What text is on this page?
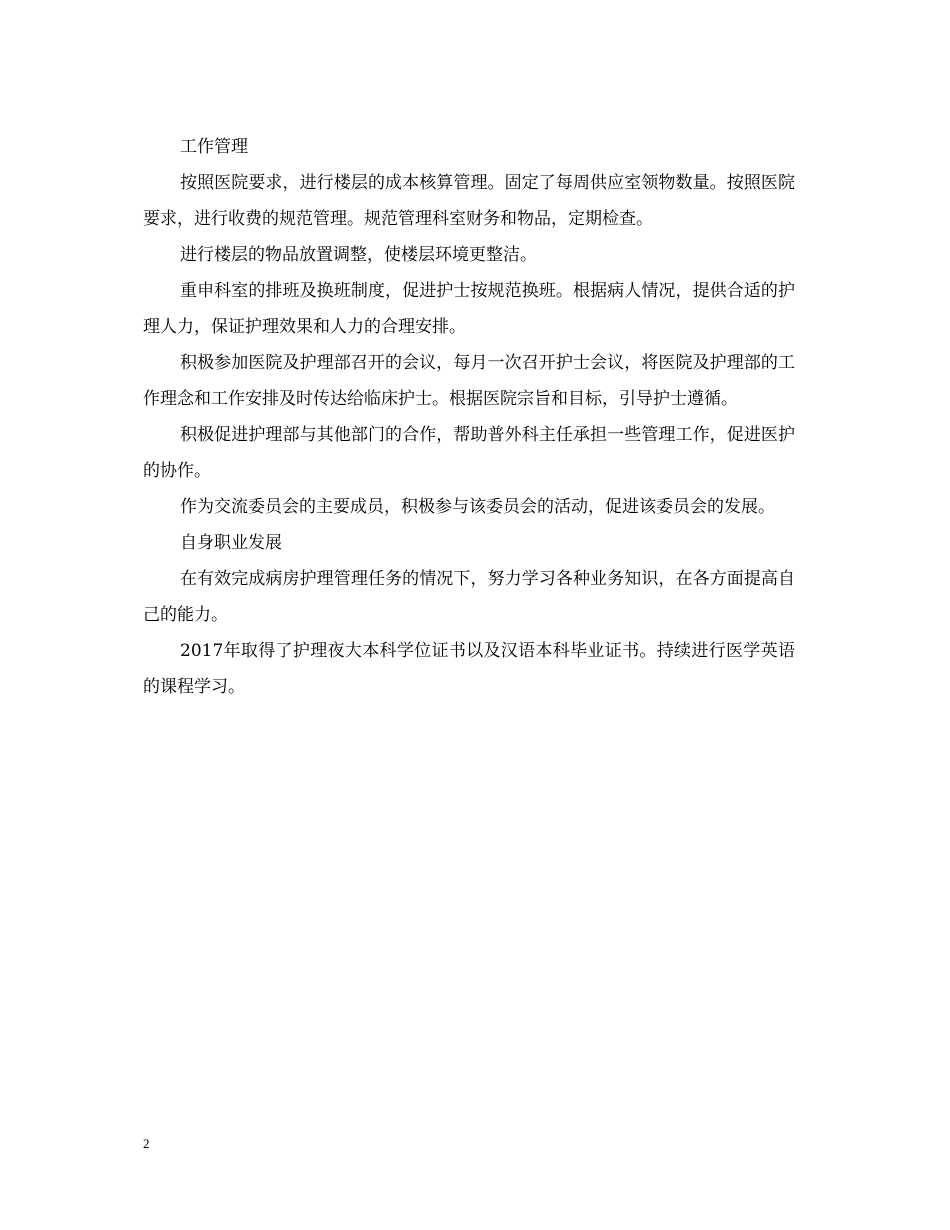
工作管理

按照医院要求，进行楼层的成本核算管理。固定了每周供应室领物数量。按照医院要求，进行收费的规范管理。规范管理科室财务和物品，定期检查。

进行楼层的物品放置调整，使楼层环境更整洁。

重申科室的排班及换班制度，促进护士按规范换班。根据病人情况，提供合适的护理人力，保证护理效果和人力的合理安排。

积极参加医院及护理部召开的会议，每月一次召开护士会议，将医院及护理部的工作理念和工作安排及时传达给临床护士。根据医院宗旨和目标，引导护士遵循。

积极促进护理部与其他部门的合作，帮助普外科主任承担一些管理工作，促进医护的协作。

作为交流委员会的主要成员，积极参与该委员会的活动，促进该委员会的发展。

自身职业发展

在有效完成病房护理管理任务的情况下，努力学习各种业务知识，在各方面提高自己的能力。

2017年取得了护理夜大本科学位证书以及汉语本科毕业证书。持续进行医学英语的课程学习。

2
